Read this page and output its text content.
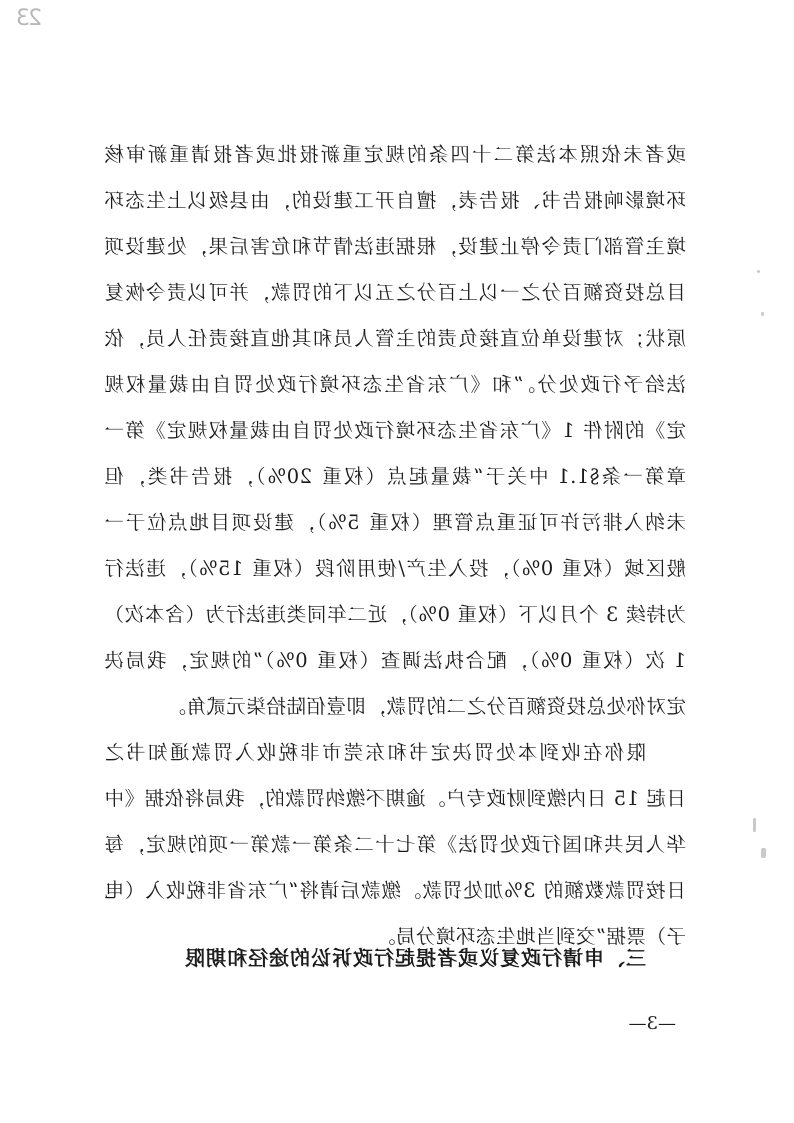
23
或者未依照本法第二十四条的规定重新报批或者报请重新审核
环境影响报告书、报告表，擅自开工建设的，由县级以上生态环
境主管部门责令停止建设，根据违法情节和危害后果，处建设项
目总投资额百分之一以上百分之五以下的罚款，并可以责令恢复
原状；对建设单位直接负责的主管人员和其他直接责任人员，依
法给予行政处分。”和《广东省生态环境行政处罚自由裁量权规
定》的附件 1《广东省生态环境行政处罚自由裁量权规定》第一
章第一条§1.1 中关于“裁量起点（权重 20%），报告书类，但
未纳入排污许可证重点管理（权重 5%），建设项目地点位于一
般区域（权重 0%），投入生产/使用阶段（权重 15%），违法行
为持续 3 个月以下（权重 0%），近二年同类违法行为（含本次）
1 次（权重 0%），配合执法调查（权重 0%）”的规定，我局决
定对你处总投资额百分之二的罚款，即壹佰陆拾柒元贰角。
限你在收到本处罚决定书和东莞市非税收入罚款通知书之
日起 15 日内缴到财政专户。逾期不缴纳罚款的，我局将依据《中
华人民共和国行政处罚法》第七十二条第一款第一项的规定，每
日按罚款数额的 3%加处罚款。缴款后请将“广东省非税收入（电
子）票据”交到当地生态环境分局。
三、申请行政复议或者提起行政诉讼的途径和期限
—3—
